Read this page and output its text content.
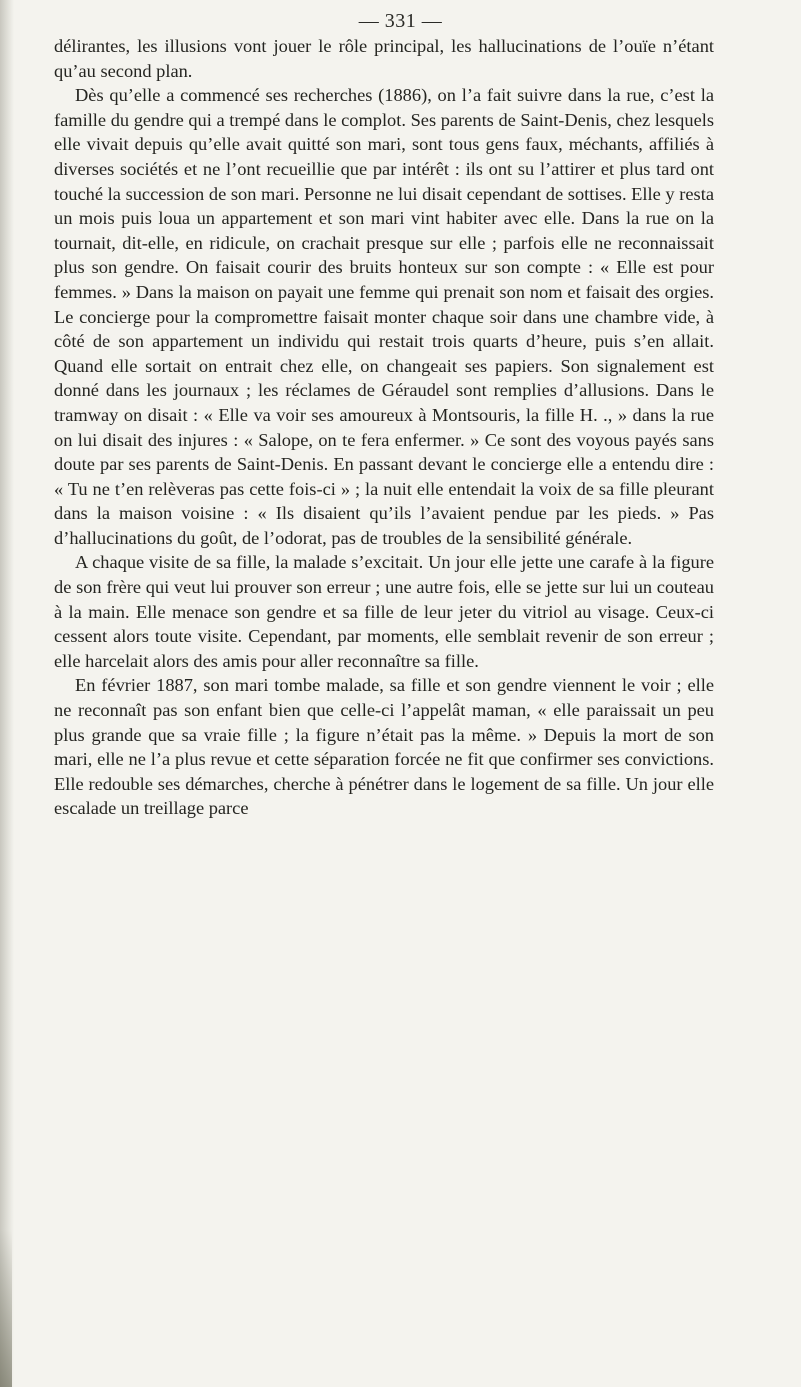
— 331 —

délirantes, les illusions vont jouer le rôle principal, les hallucinations de l’ouïe n’étant qu’au second plan.

Dès qu’elle a commencé ses recherches (1886), on l’a fait suivre dans la rue, c’est la famille du gendre qui a trempé dans le complot. Ses parents de Saint-Denis, chez lesquels elle vivait depuis qu’elle avait quitté son mari, sont tous gens faux, méchants, affiliés à diverses sociétés et ne l’ont recueillie que par intérêt : ils ont su l’attirer et plus tard ont touché la succession de son mari. Personne ne lui disait cependant de sottises. Elle y resta un mois puis loua un appartement et son mari vint habiter avec elle. Dans la rue on la tournait, dit-elle, en ridicule, on crachait presque sur elle ; parfois elle ne reconnaissait plus son gendre. On faisait courir des bruits honteux sur son compte : « Elle est pour femmes. » Dans la maison on payait une femme qui prenait son nom et faisait des orgies. Le concierge pour la compromettre faisait monter chaque soir dans une chambre vide, à côté de son appartement un individu qui restait trois quarts d’heure, puis s’en allait. Quand elle sortait on entrait chez elle, on changeait ses papiers. Son signalement est donné dans les journaux ; les réclames de Géraudel sont remplies d’allusions. Dans le tramway on disait : « Elle va voir ses amoureux à Montsouris, la fille H. ., » dans la rue on lui disait des injures : « Salope, on te fera enfermer. » Ce sont des voyous payés sans doute par ses parents de Saint-Denis. En passant devant le concierge elle a entendu dire : « Tu ne t’en relèveras pas cette fois-ci » ; la nuit elle entendait la voix de sa fille pleurant dans la maison voisine : « Ils disaient qu’ils l’avaient pendue par les pieds. » Pas d’hallucinations du goût, de l’odorat, pas de troubles de la sensibilité générale.

A chaque visite de sa fille, la malade s’excitait. Un jour elle jette une carafe à la figure de son frère qui veut lui prouver son erreur ; une autre fois, elle se jette sur lui un couteau à la main. Elle menace son gendre et sa fille de leur jeter du vitriol au visage. Ceux-ci cessent alors toute visite. Cependant, par moments, elle semblait revenir de son erreur ; elle harcelait alors des amis pour aller reconnaître sa fille.

En février 1887, son mari tombe malade, sa fille et son gendre viennent le voir ; elle ne reconnaît pas son enfant bien que celle-ci l’appelât maman, « elle paraissait un peu plus grande que sa vraie fille ; la figure n’était pas la même. » Depuis la mort de son mari, elle ne l’a plus revue et cette séparation forcée ne fit que confirmer ses convictions. Elle redouble ses démarches, cherche à pénétrer dans le logement de sa fille. Un jour elle escalade un treillage parce
